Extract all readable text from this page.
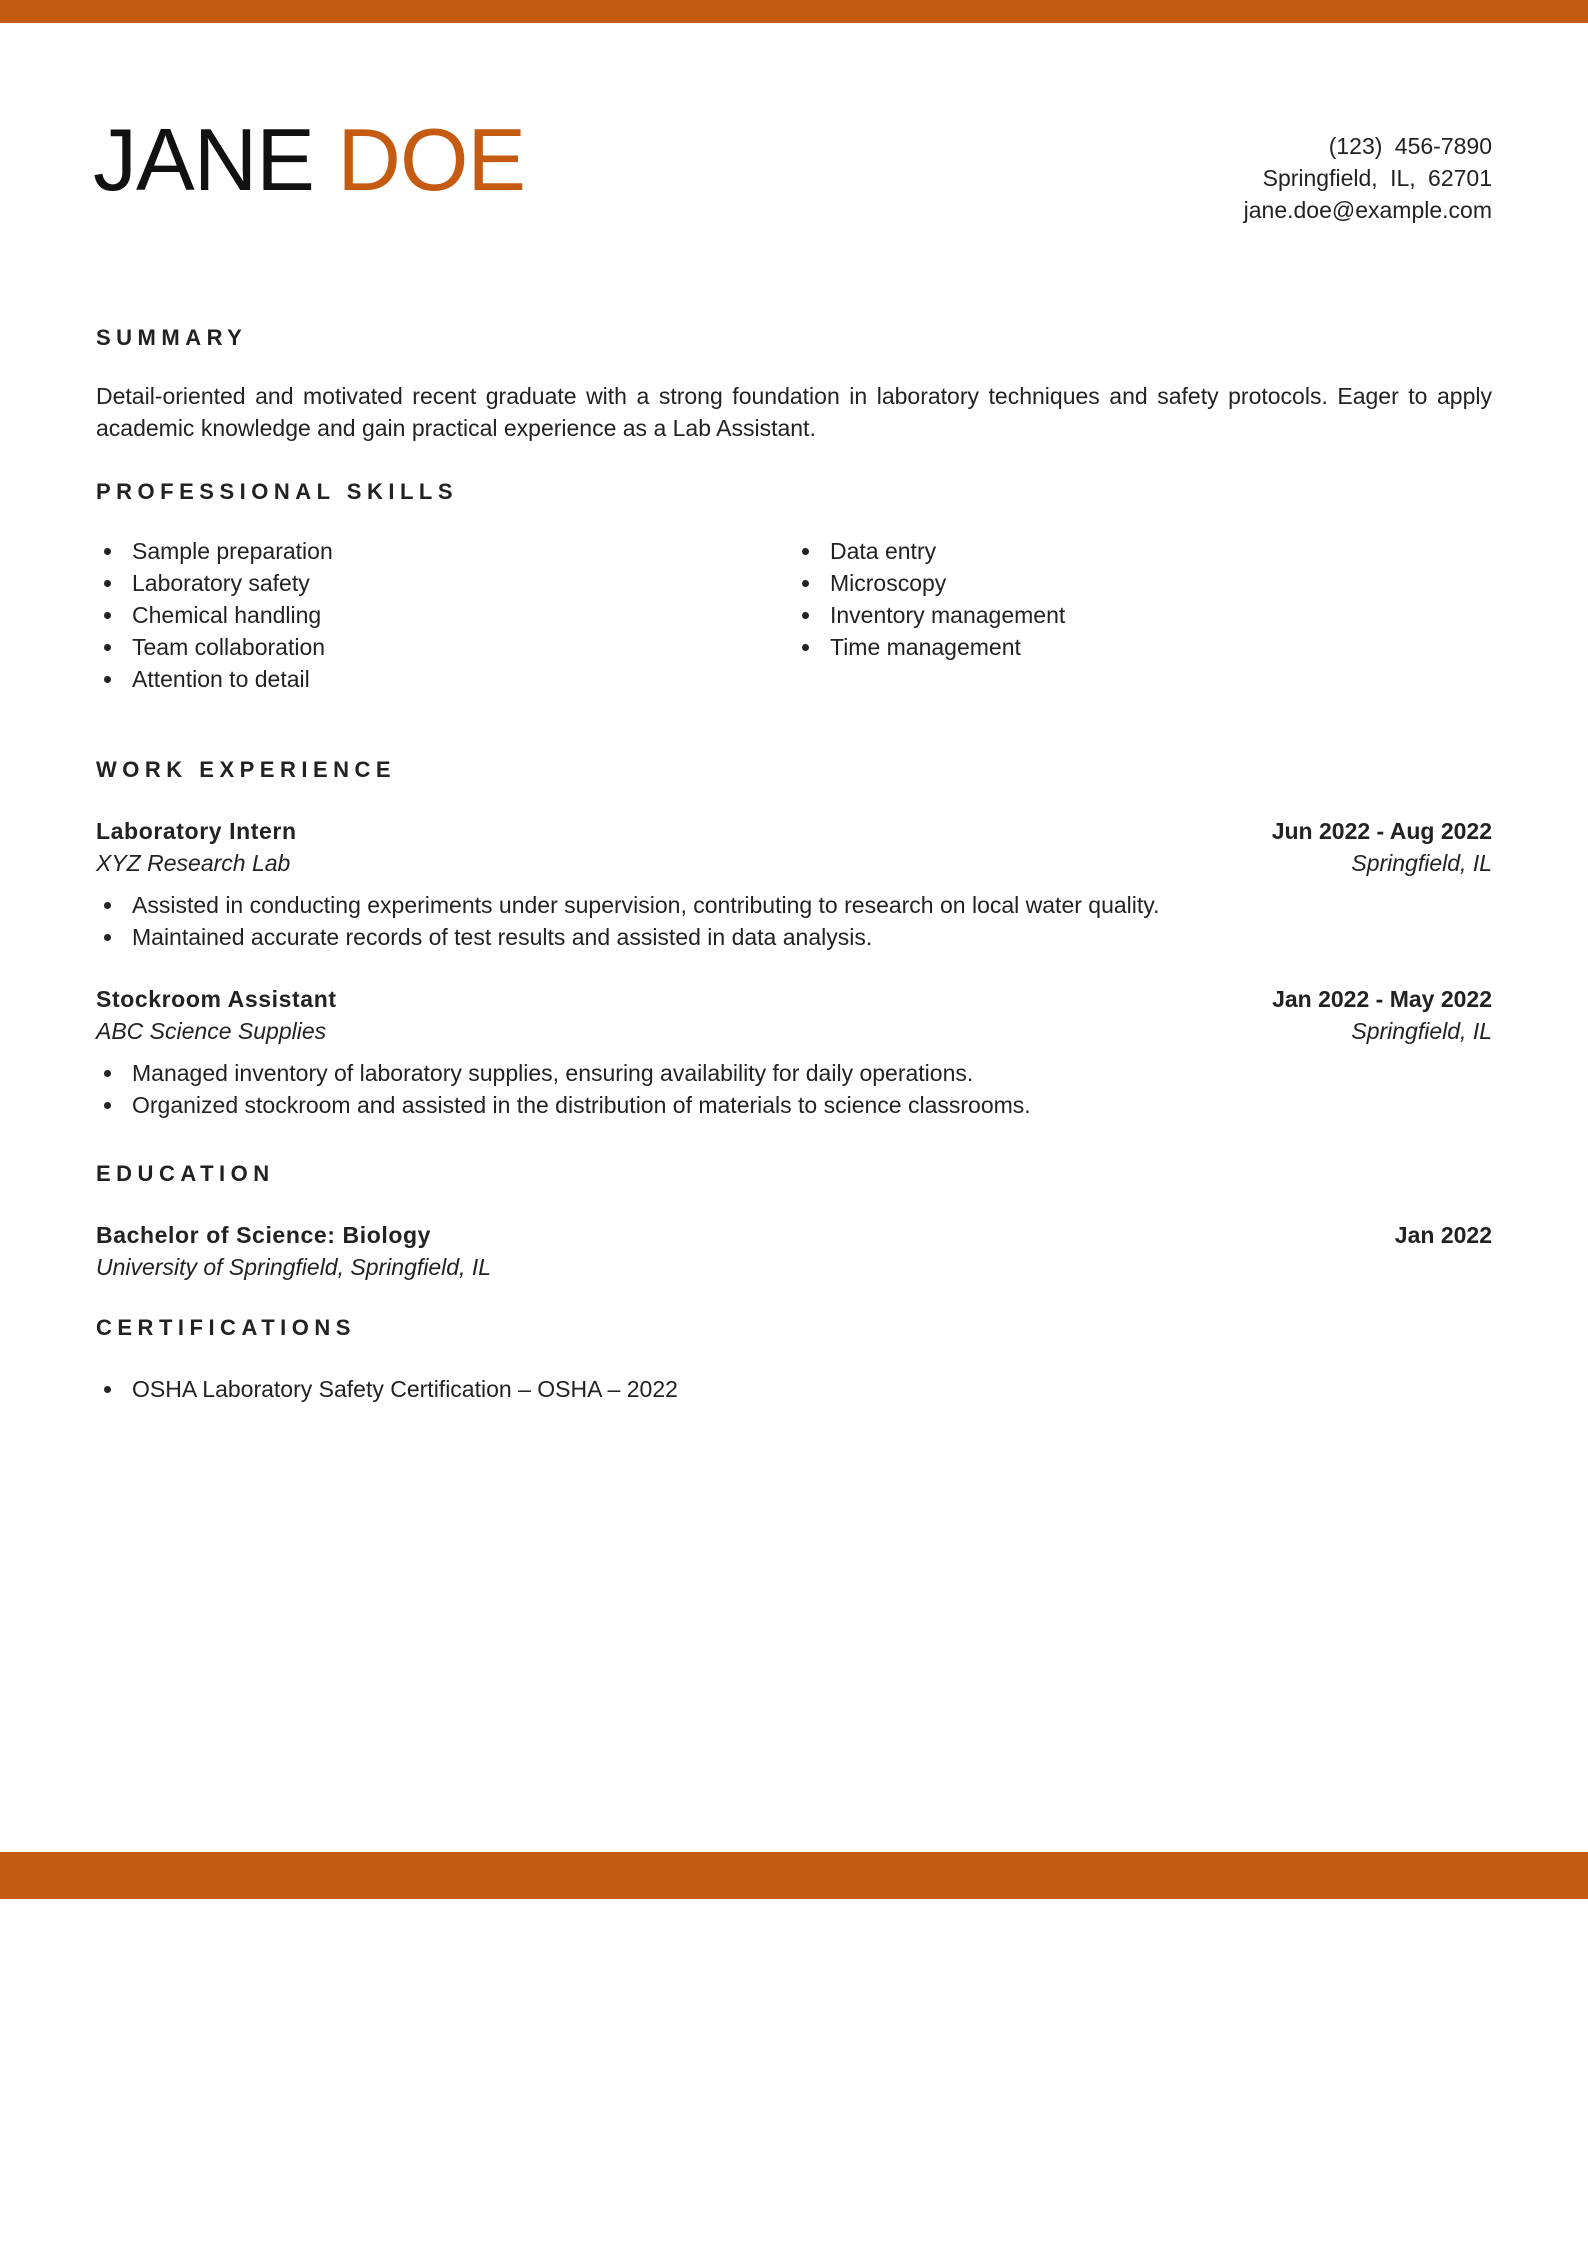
JANE DOE	(123) 456-7890
Springfield, IL, 62701
jane.doe@example.com
SUMMARY
Detail-oriented and motivated recent graduate with a strong foundation in laboratory techniques and safety protocols. Eager to apply academic knowledge and gain practical experience as a Lab Assistant.
PROFESSIONAL SKILLS
Sample preparation
Laboratory safety
Chemical handling
Team collaboration
Attention to detail
Data entry
Microscopy
Inventory management
Time management
WORK EXPERIENCE
Laboratory Intern	Jun 2022 - Aug 2022
XYZ Research Lab	Springfield, IL
Assisted in conducting experiments under supervision, contributing to research on local water quality.
Maintained accurate records of test results and assisted in data analysis.
Stockroom Assistant	Jan 2022 - May 2022
ABC Science Supplies	Springfield, IL
Managed inventory of laboratory supplies, ensuring availability for daily operations.
Organized stockroom and assisted in the distribution of materials to science classrooms.
EDUCATION
Bachelor of Science: Biology	Jan 2022
University of Springfield, Springfield, IL
CERTIFICATIONS
OSHA Laboratory Safety Certification – OSHA – 2022
